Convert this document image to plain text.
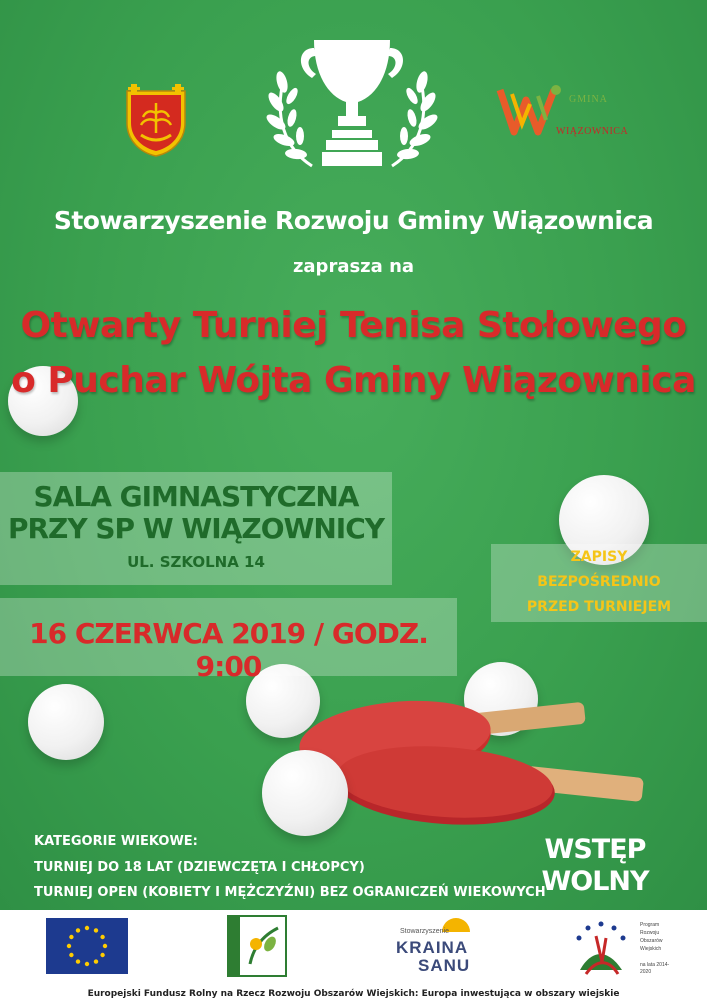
GMINA
WIĄZOWNICA
Stowarzyszenie Rozwoju Gminy Wiązownica
zaprasza na
Otwarty Turniej Tenisa Stołowego
o Puchar Wójta Gminy Wiązownica
SALA GIMNASTYCZNA
PRZY SP W WIĄZOWNICY
UL. SZKOLNA 14	ZAPISY
BEZPOŚREDNIO
PRZED TURNIEJEM
16 CZERWCA 2019 / GODZ. 9:00
KATEGORIE WIEKOWE:
TURNIEJ DO 18 LAT (DZIEWCZĘTA I CHŁOPCY)
TURNIEJ OPEN (KOBIETY I MĘŻCZYŹNI) BEZ OGRANICZEŃ WIEKOWYCH
WSTĘP
WOLNY
Stowarzyszenie
KRAINA
SANU
Program
Rozwoju
Obszarów
Wiejskich
na lata 2014-2020
Europejski Fundusz Rolny na Rzecz Rozwoju Obszarów Wiejskich: Europa inwestująca w obszary wiejskie
